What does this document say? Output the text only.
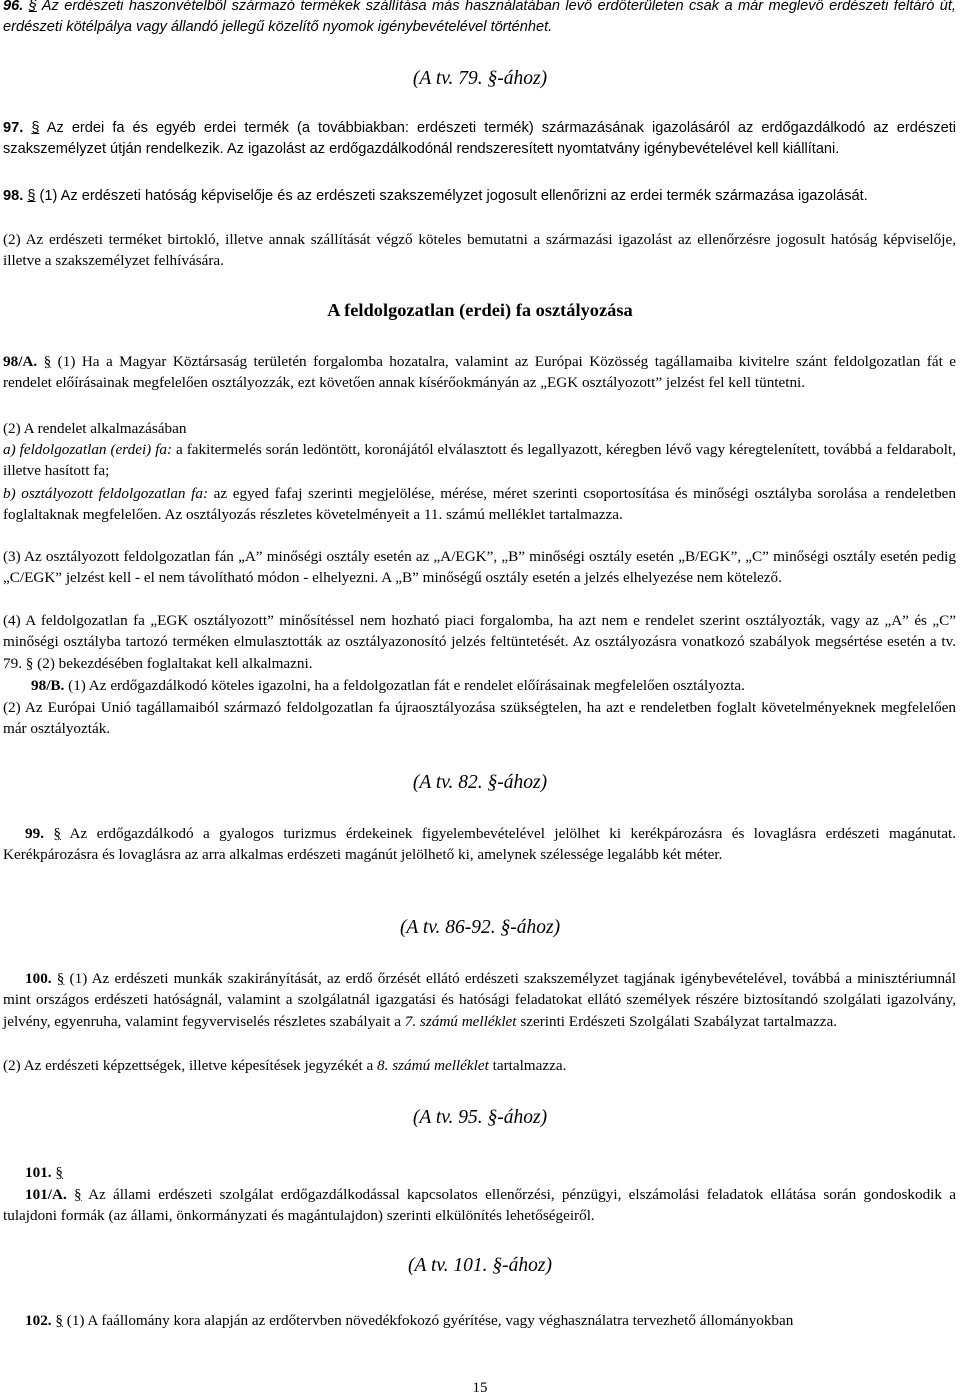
96. § Az erdészeti haszonvételből származó termékek szállítása más használatában levő erdőterületen csak a már meglevő erdészeti feltáró út, erdészeti kötélpálya vagy állandó jellegű közelítő nyomok igénybevételével történhet.

(A tv. 79. §-ához)

97. § Az erdei fa és egyéb erdei termék (a továbbiakban: erdészeti termék) származásának igazolásáról az erdőgazdálkodó az erdészeti szakszemélyzet útján rendelkezik. Az igazolást az erdőgazdálkodónál rendszeresített nyomtatvány igénybevételével kell kiállítani.

98. § (1) Az erdészeti hatóság képviselője és az erdészeti szakszemélyzet jogosult ellenőrizni az erdei termék származása igazolását.

(2) Az erdészeti terméket birtokló, illetve annak szállítását végző köteles bemutatni a származási igazolást az ellenőrzésre jogosult hatóság képviselője, illetve a szakszemélyzet felhívására.

A feldolgozatlan (erdei) fa osztályozása

98/A. § (1) Ha a Magyar Köztársaság területén forgalomba hozatalra, valamint az Európai Közösség tagállamaiba kivitelre szánt feldolgozatlan fát e rendelet előírásainak megfelelően osztályozzák, ezt követően annak kísérőokmányán az „EGK osztályozott” jelzést fel kell tüntetni.

(2) A rendelet alkalmazásában

a) feldolgozatlan (erdei) fa: a fakitermelés során ledöntött, koronájától elválasztott és legallyazott, kéregben lévő vagy kéregtelenített, továbbá a feldarabolt, illetve hasított fa;

b) osztályozott feldolgozatlan fa: az egyed fafaj szerinti megjelölése, mérése, méret szerinti csoportosítása és minőségi osztályba sorolása a rendeletben foglaltaknak megfelelően. Az osztályozás részletes követelményeit a 11. számú melléklet tartalmazza.

(3) Az osztályozott feldolgozatlan fán „A” minőségi osztály esetén az „A/EGK”, „B” minőségi osztály esetén „B/EGK”, „C” minőségi osztály esetén pedig „C/EGK” jelzést kell - el nem távolítható módon - elhelyezni. A „B” minőségű osztály esetén a jelzés elhelyezése nem kötelező.

(4) A feldolgozatlan fa „EGK osztályozott” minősítéssel nem hozható piaci forgalomba, ha azt nem e rendelet szerint osztályozták, vagy az „A” és „C” minőségi osztályba tartozó terméken elmulasztották az osztályazonosító jelzés feltüntetését. Az osztályozásra vonatkozó szabályok megsértése esetén a tv. 79. § (2) bekezdésében foglaltakat kell alkalmazni.

98/B. (1) Az erdőgazdálkodó köteles igazolni, ha a feldolgozatlan fát e rendelet előírásainak megfelelően osztályozta.

(2) Az Európai Unió tagállamaiból származó feldolgozatlan fa újraosztályozása szükségtelen, ha azt e rendeletben foglalt követelményeknek megfelelően már osztályozták.

(A tv. 82. §-ához)

99. § Az erdőgazdálkodó a gyalogos turizmus érdekeinek figyelembevételével jelölhet ki kerékpározásra és lovaglásra erdészeti magánutat. Kerékpározásra és lovaglásra az arra alkalmas erdészeti magánút jelölhető ki, amelynek szélessége legalább két méter.

(A tv. 86-92. §-ához)

100. § (1) Az erdészeti munkák szakirányítását, az erdő őrzését ellátó erdészeti szakszemélyzet tagjának igénybevételével, továbbá a minisztériumnál mint országos erdészeti hatóságnál, valamint a szolgálatnál igazgatási és hatósági feladatokat ellátó személyek részére biztosítandó szolgálati igazolvány, jelvény, egyenruha, valamint fegyverviselés részletes szabályait a 7. számú melléklet szerinti Erdészeti Szolgálati Szabályzat tartalmazza.

(2) Az erdészeti képzettségek, illetve képesítések jegyzékét a 8. számú melléklet tartalmazza.

(A tv. 95. §-ához)

101. §

101/A. § Az állami erdészeti szolgálat erdőgazdálkodással kapcsolatos ellenőrzési, pénzügyi, elszámolási feladatok ellátása során gondoskodik a tulajdoni formák (az állami, önkormányzati és magántulajdon) szerinti elkülönítés lehetőségeiről.

(A tv. 101. §-ához)

102. § (1) A faállomány kora alapján az erdőtervben növedékfokozó gyérítése, vagy véghasználatra tervezhető állományokban

15
